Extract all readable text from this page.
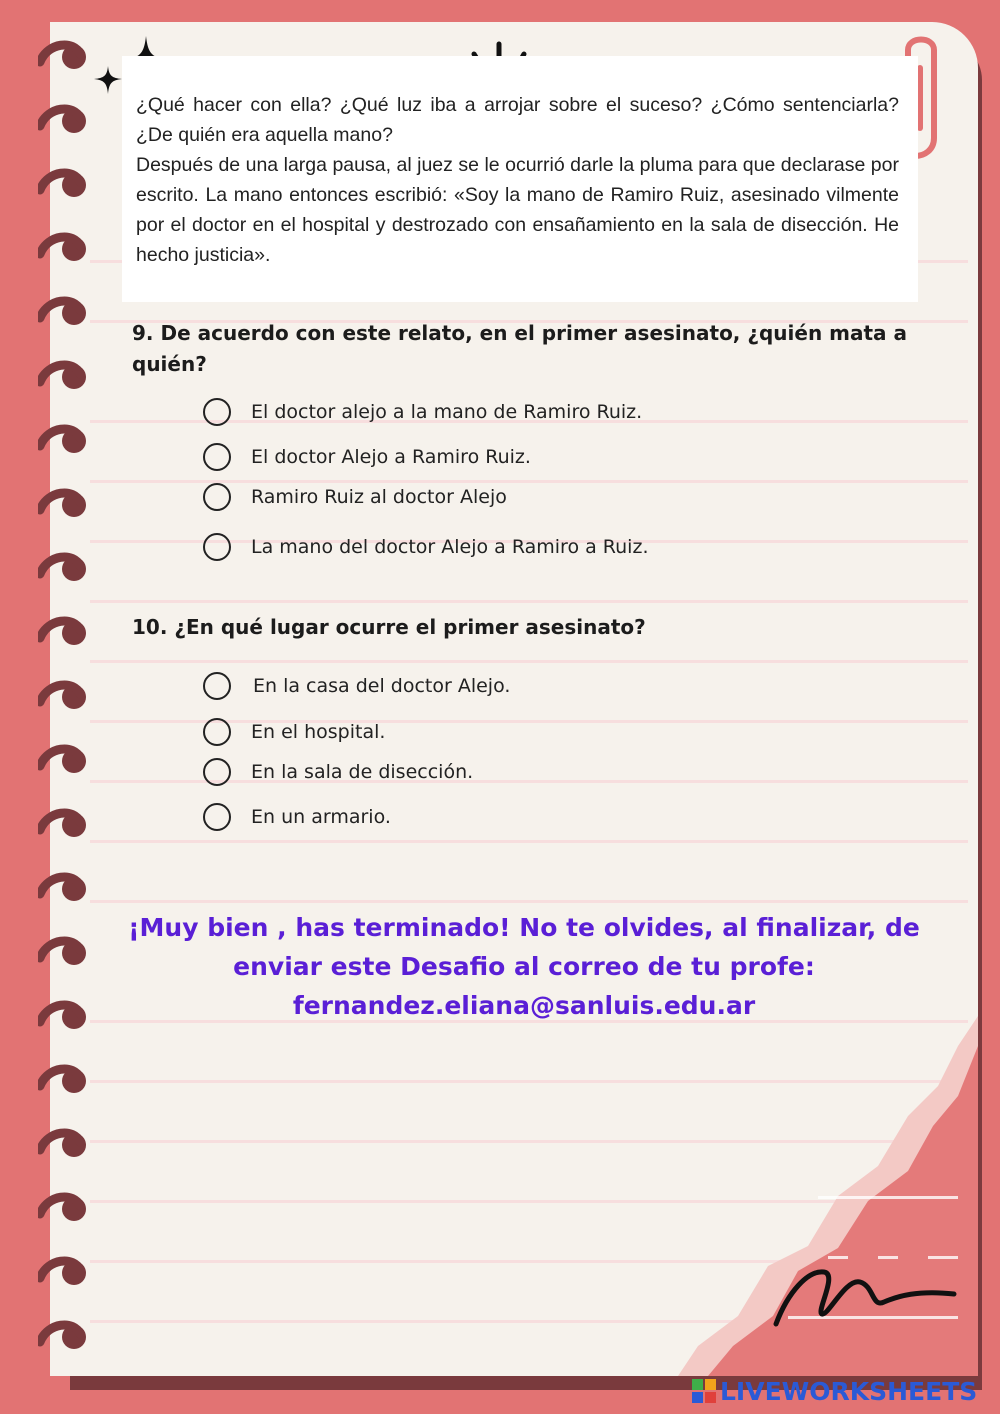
¿Qué hacer con ella? ¿Qué luz iba a arrojar sobre el suceso? ¿Cómo sentenciarla? ¿De quién era aquella mano?

Después de una larga pausa, al juez se le ocurrió darle la pluma para que declarase por escrito. La mano entonces escribió: «Soy la mano de Ramiro Ruiz, asesinado vilmente por el doctor en el hospital y destrozado con ensañamiento en la sala de disección. He hecho justicia».

9. De acuerdo con este relato, en el primer asesinato, ¿quién mata a quién?

El doctor alejo a la mano de Ramiro Ruiz.
El doctor Alejo a Ramiro Ruiz.
Ramiro Ruiz al doctor Alejo
La mano del doctor Alejo a Ramiro a Ruiz.

10. ¿En qué lugar ocurre el primer asesinato?

En la casa del doctor Alejo.
En el hospital.
En la sala de disección.
En un armario.
¡Muy bien , has terminado! No te olvides, al finalizar, de
enviar este Desafio al correo de tu profe:
fernandez.eliana@sanluis.edu.ar
LIVEWORKSHEETS
